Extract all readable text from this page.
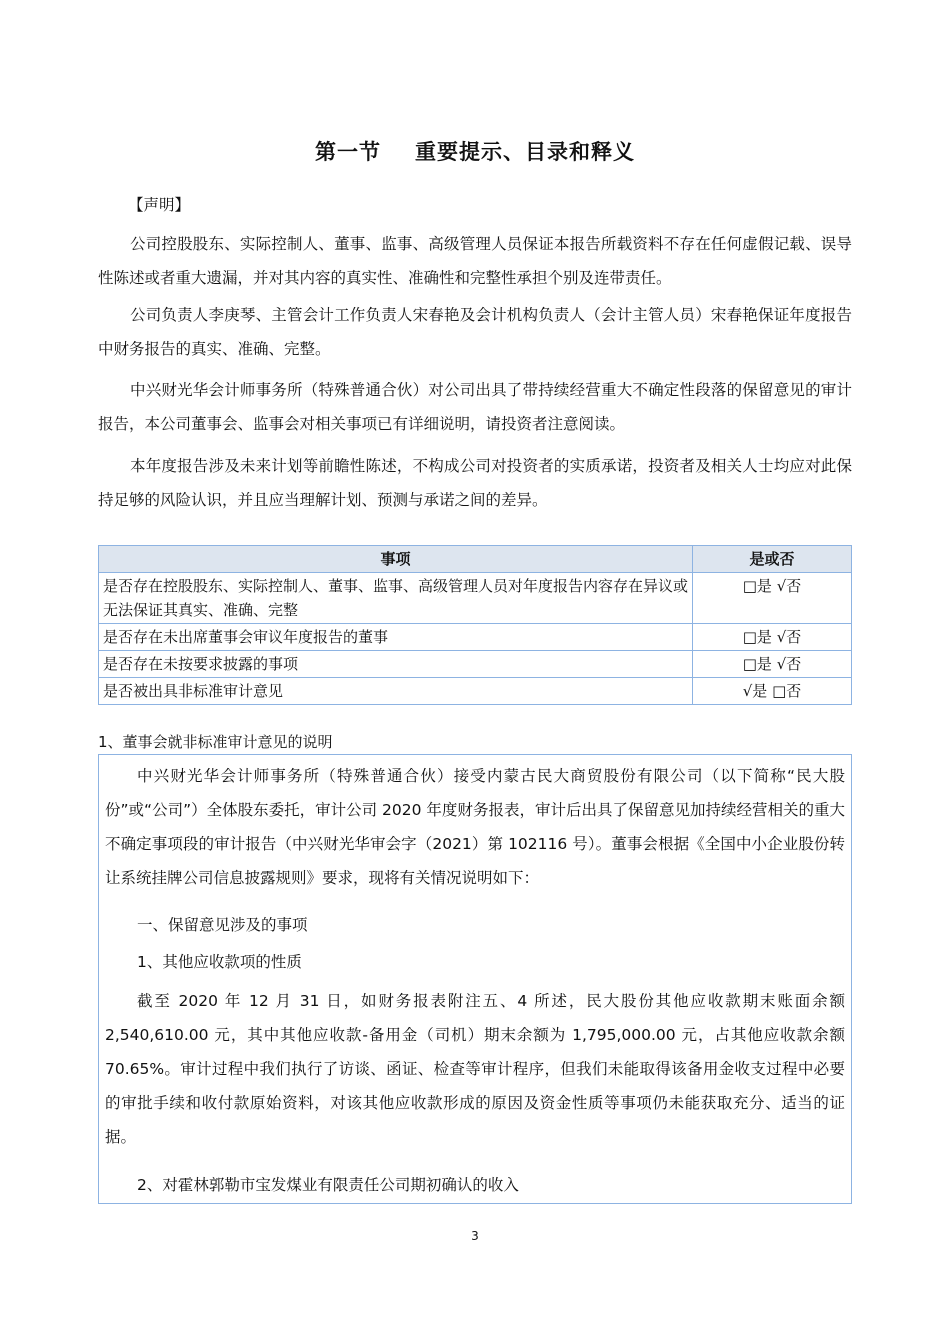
第一节 重要提示、目录和释义

【声明】

公司控股股东、实际控制人、董事、监事、高级管理人员保证本报告所载资料不存在任何虚假记载、误导性陈述或者重大遗漏，并对其内容的真实性、准确性和完整性承担个别及连带责任。

公司负责人李庚琴、主管会计工作负责人宋春艳及会计机构负责人（会计主管人员）宋春艳保证年度报告中财务报告的真实、准确、完整。

中兴财光华会计师事务所（特殊普通合伙）对公司出具了带持续经营重大不确定性段落的保留意见的审计报告，本公司董事会、监事会对相关事项已有详细说明，请投资者注意阅读。

本年度报告涉及未来计划等前瞻性陈述，不构成公司对投资者的实质承诺，投资者及相关人士均应对此保持足够的风险认识，并且应当理解计划、预测与承诺之间的差异。

事项	是或否
是否存在控股股东、实际控制人、董事、监事、高级管理人员对年度报告内容存在异议或无法保证其真实、准确、完整	□是 √否
是否存在未出席董事会审议年度报告的董事	□是 √否
是否存在未按要求披露的事项	□是 √否
是否被出具非标准审计意见	√是 □否
1、董事会就非标准审计意见的说明

中兴财光华会计师事务所（特殊普通合伙）接受内蒙古民大商贸股份有限公司（以下简称“民大股份”或“公司”）全体股东委托，审计公司 2020 年度财务报表，审计后出具了保留意见加持续经营相关的重大不确定事项段的审计报告（中兴财光华审会字（2021）第 102116 号）。董事会根据《全国中小企业股份转让系统挂牌公司信息披露规则》要求，现将有关情况说明如下：

一、保留意见涉及的事项

1、其他应收款项的性质

截至 2020 年 12 月 31 日，如财务报表附注五、4 所述，民大股份其他应收款期末账面余额 2,540,610.00 元，其中其他应收款-备用金（司机）期末余额为 1,795,000.00 元，占其他应收款余额 70.65%。审计过程中我们执行了访谈、函证、检查等审计程序，但我们未能取得该备用金收支过程中必要的审批手续和收付款原始资料，对该其他应收款形成的原因及资金性质等事项仍未能获取充分、适当的证据。

2、对霍林郭勒市宝发煤业有限责任公司期初确认的收入

3
